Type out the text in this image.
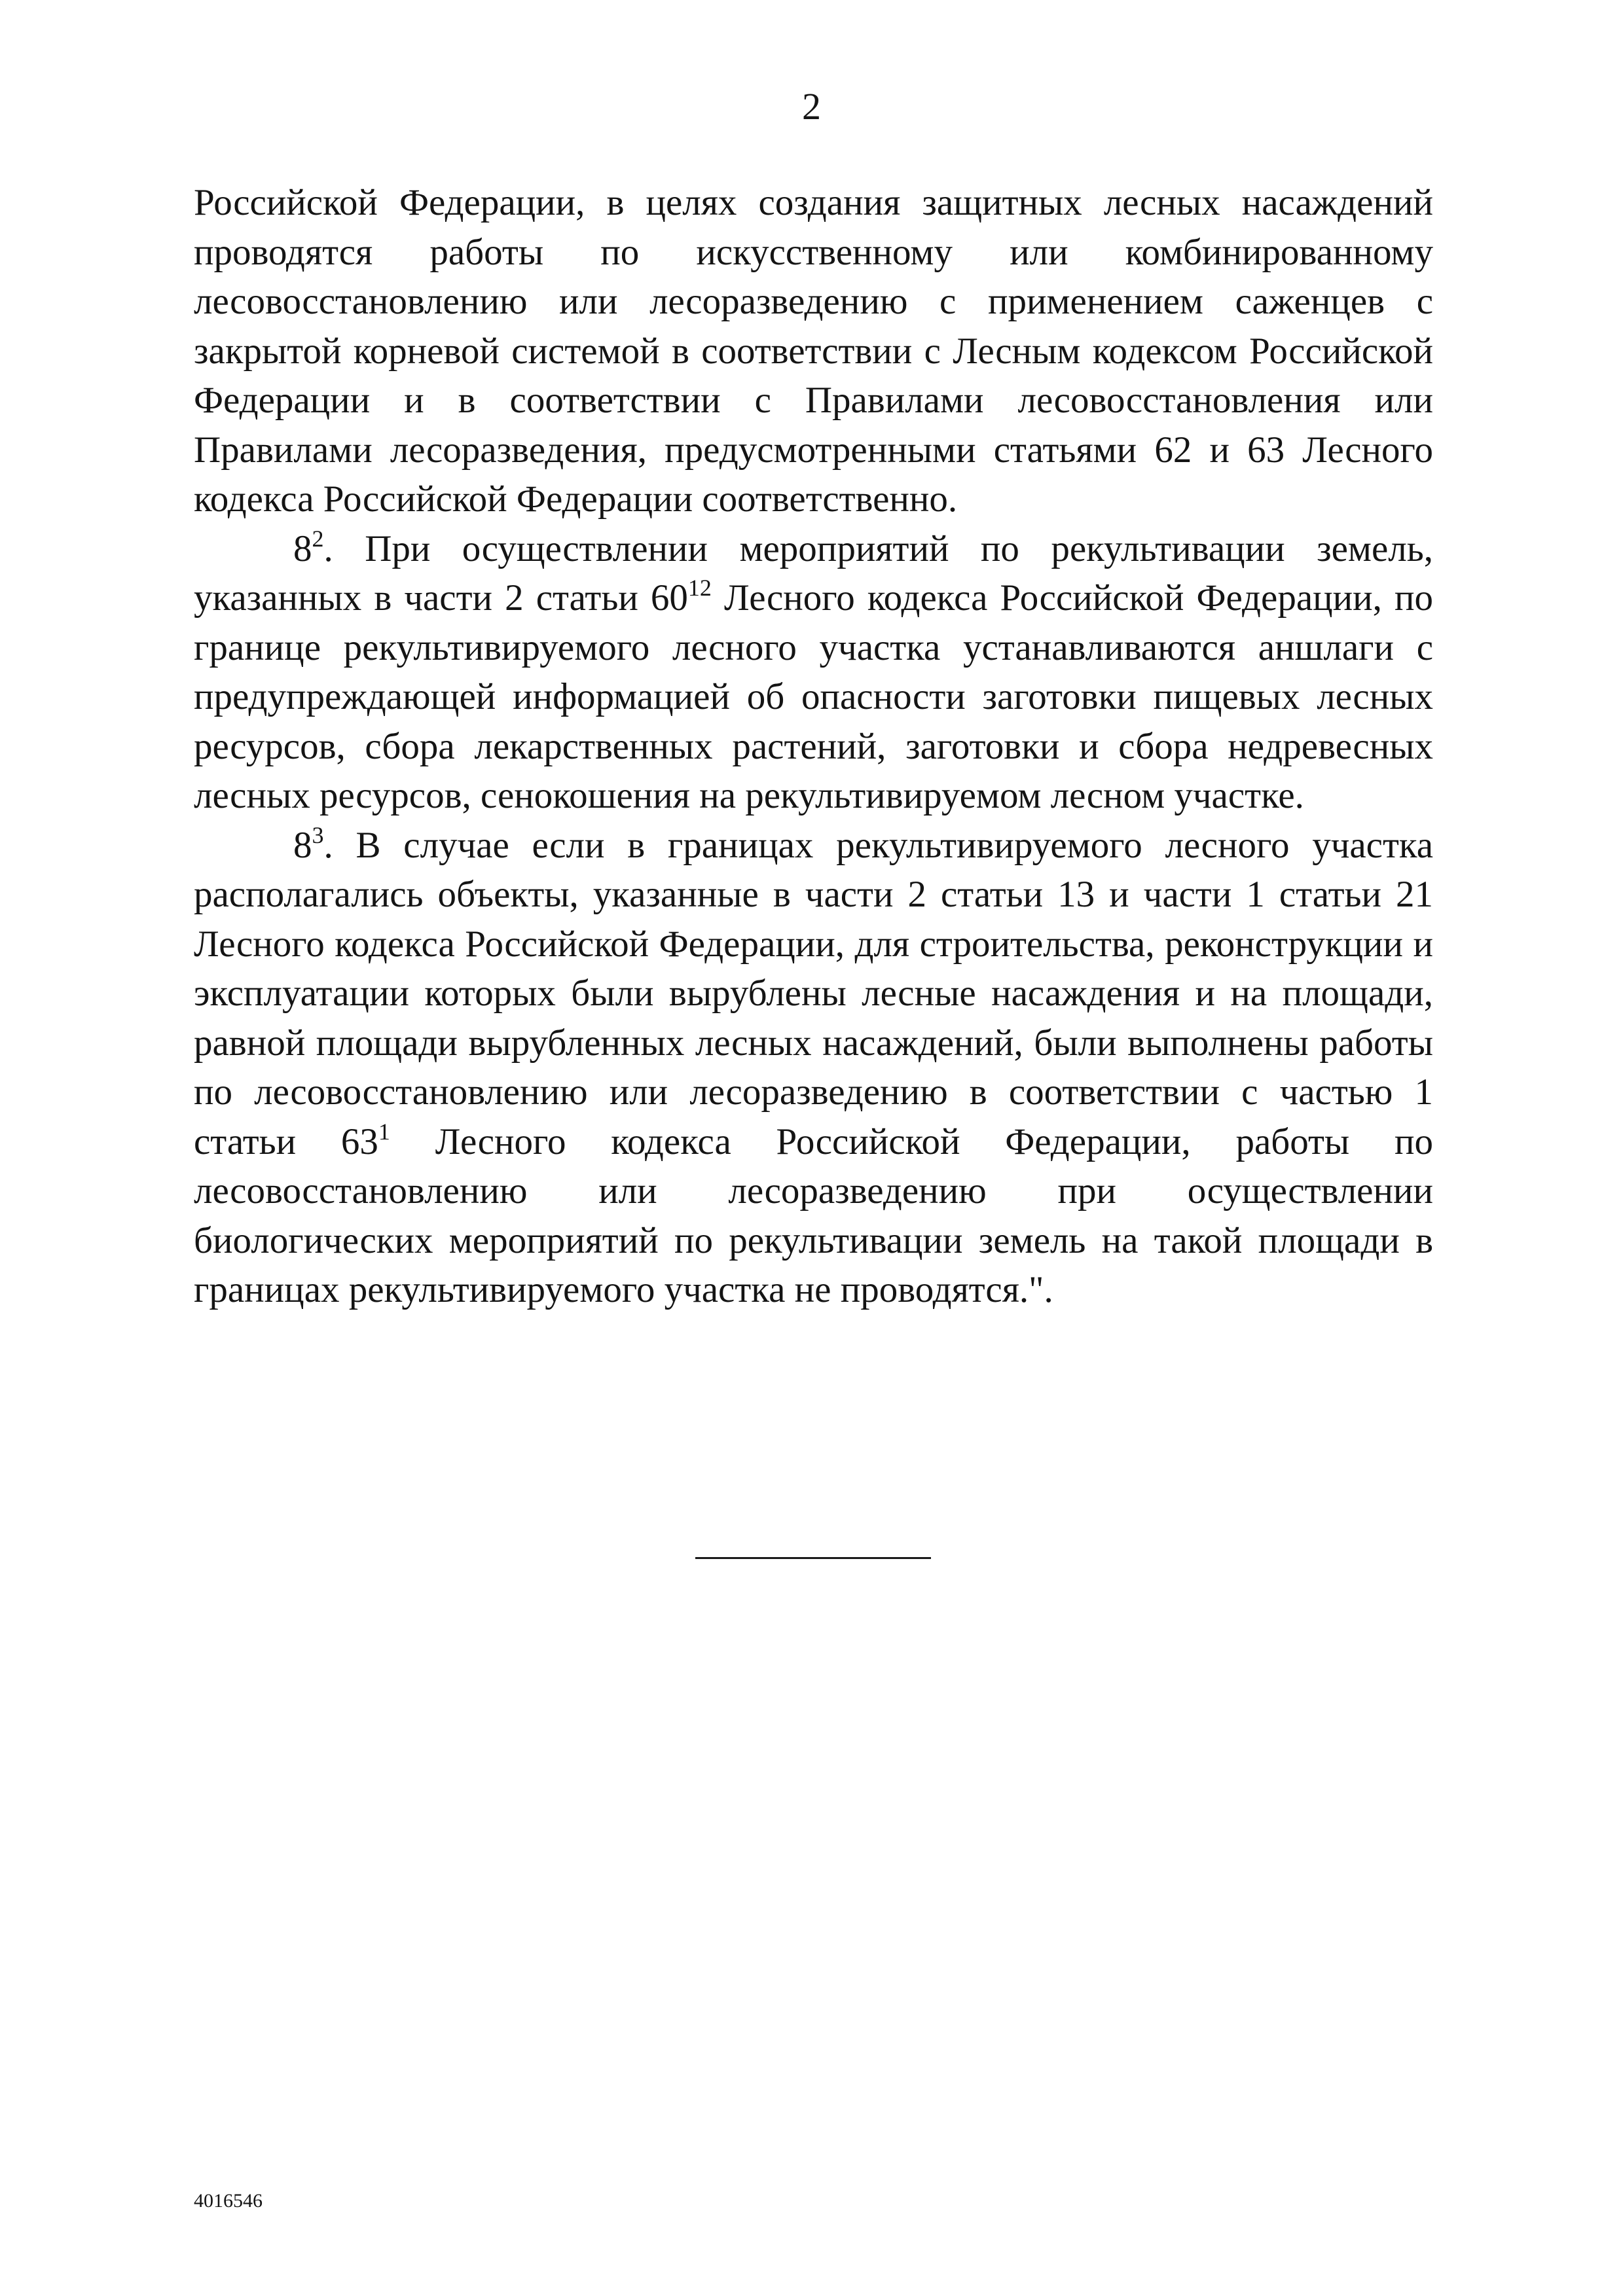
2

Российской Федерации, в целях создания защитных лесных насаждений проводятся работы по искусственному или комбинированному лесовосстановлению или лесоразведению с применением саженцев с закрытой корневой системой в соответствии с Лесным кодексом Российской Федерации и в соответствии с Правилами лесовосстановления или Правилами лесоразведения, предусмотренными статьями 62 и 63 Лесного кодекса Российской Федерации соответственно.

$8^2$. При осуществлении мероприятий по рекультивации земель, указанных в части 2 статьи $60^{12}$ Лесного кодекса Российской Федерации, по границе рекультивируемого лесного участка устанавливаются аншлаги с предупреждающей информацией об опасности заготовки пищевых лесных ресурсов, сбора лекарственных растений, заготовки и сбора недревесных лесных ресурсов, сенокошения на рекультивируемом лесном участке.

$8^3$. В случае если в границах рекультивируемого лесного участка располагались объекты, указанные в части 2 статьи 13 и части 1 статьи 21 Лесного кодекса Российской Федерации, для строительства, реконструкции и эксплуатации которых были вырублены лесные насаждения и на площади, равной площади вырубленных лесных насаждений, были выполнены работы по лесовосстановлению или лесоразведению в соответствии с частью 1 статьи $63^1$ Лесного кодекса Российской Федерации, работы по лесовосстановлению или лесоразведению при осуществлении биологических мероприятий по рекультивации земель на такой площади в границах рекультивируемого участка не проводятся.".

4016546
